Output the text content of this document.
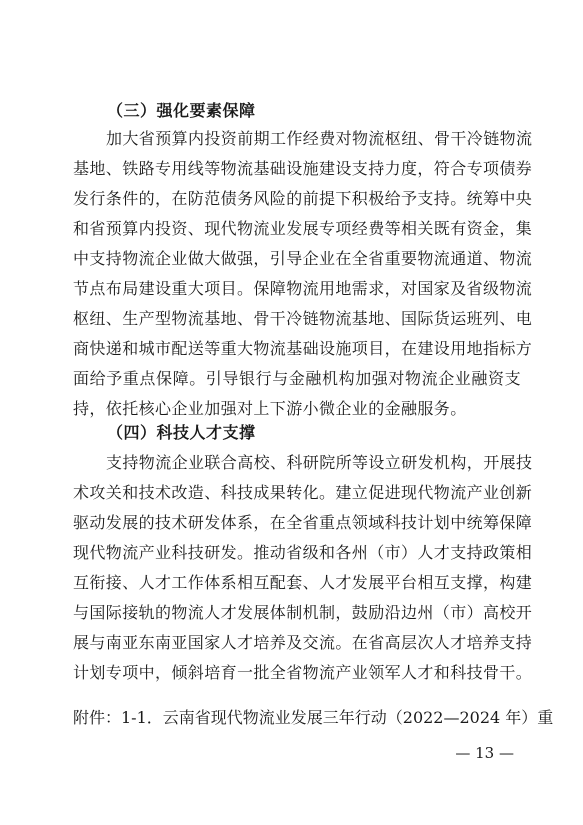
（三）强化要素保障
加大省预算内投资前期工作经费对物流枢纽、骨干冷链物流
基地、铁路专用线等物流基础设施建设支持力度，符合专项债券
发行条件的，在防范债务风险的前提下积极给予支持。统筹中央
和省预算内投资、现代物流业发展专项经费等相关既有资金，集
中支持物流企业做大做强，引导企业在全省重要物流通道、物流
节点布局建设重大项目。保障物流用地需求，对国家及省级物流
枢纽、生产型物流基地、骨干冷链物流基地、国际货运班列、电
商快递和城市配送等重大物流基础设施项目，在建设用地指标方
面给予重点保障。引导银行与金融机构加强对物流企业融资支
持，依托核心企业加强对上下游小微企业的金融服务。
（四）科技人才支撑
支持物流企业联合高校、科研院所等设立研发机构，开展技
术攻关和技术改造、科技成果转化。建立促进现代物流产业创新
驱动发展的技术研发体系，在全省重点领域科技计划中统筹保障
现代物流产业科技研发。推动省级和各州（市）人才支持政策相
互衔接、人才工作体系相互配套、人才发展平台相互支撑，构建
与国际接轨的物流人才发展体制机制，鼓励沿边州（市）高校开
展与南亚东南亚国家人才培养及交流。在省高层次人才培养支持
计划专项中，倾斜培育一批全省物流产业领军人才和科技骨干。
附件：1-1．云南省现代物流业发展三年行动（2022—2024 年）重
— 13 —
